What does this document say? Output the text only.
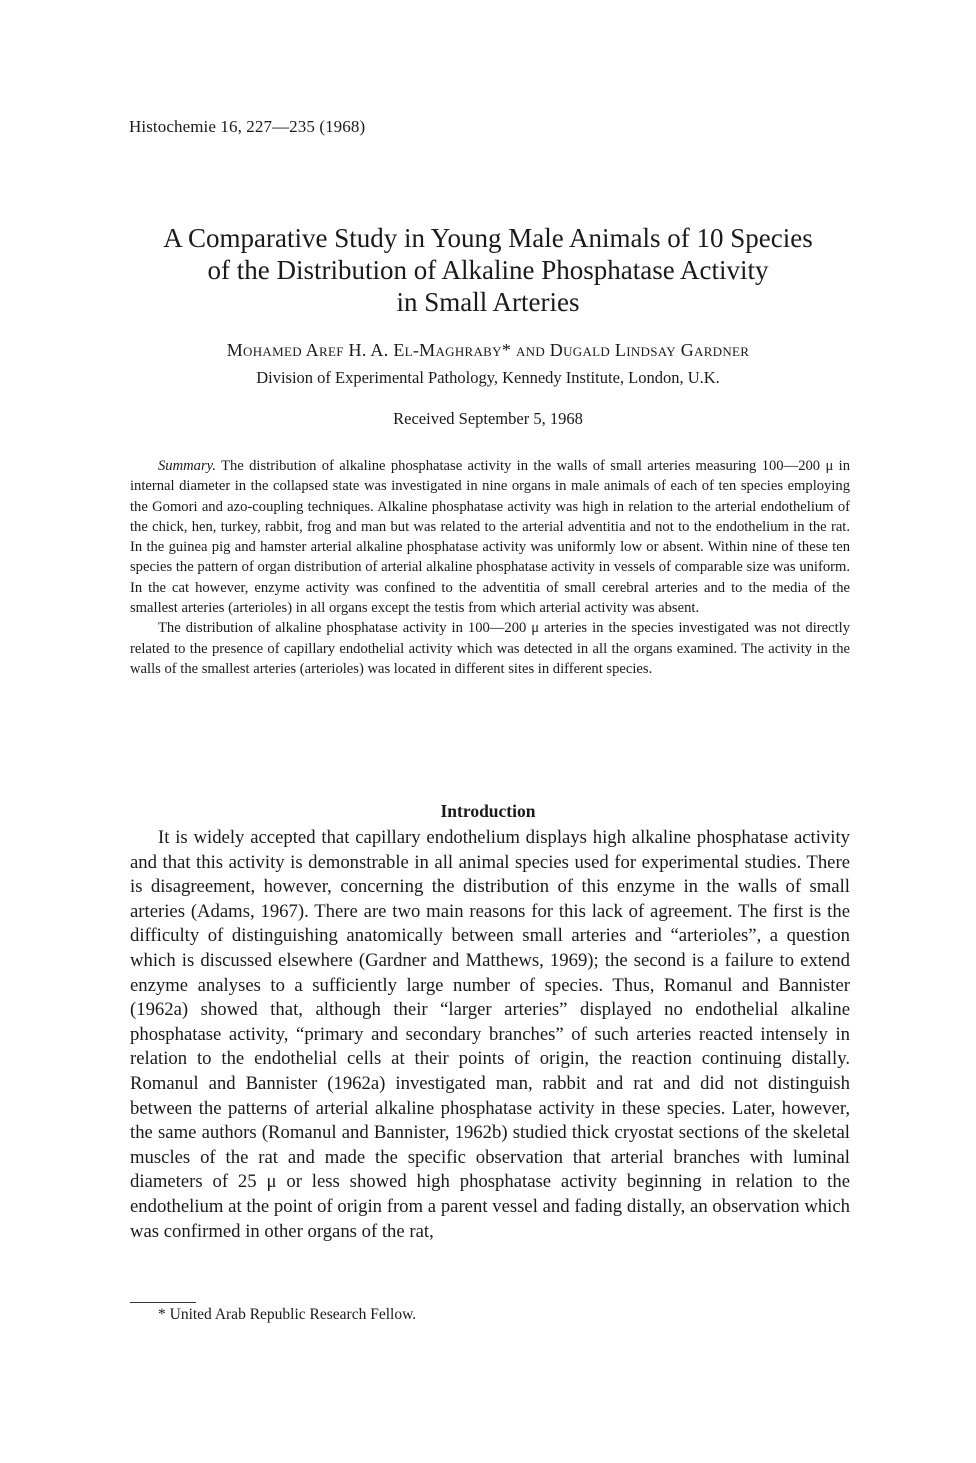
Histochemie 16, 227—235 (1968)
A Comparative Study in Young Male Animals of 10 Species
of the Distribution of Alkaline Phosphatase Activity
in Small Arteries
Mohamed Aref H. A. El-Maghraby* and Dugald Lindsay Gardner
Division of Experimental Pathology, Kennedy Institute, London, U.K.
Received September 5, 1968

Summary. The distribution of alkaline phosphatase activity in the walls of small arteries measuring 100—200 μ in internal diameter in the collapsed state was investigated in nine organs in male animals of each of ten species employing the Gomori and azo-coupling techniques. Alkaline phosphatase activity was high in relation to the arterial endothelium of the chick, hen, turkey, rabbit, frog and man but was related to the arterial adventitia and not to the endothelium in the rat. In the guinea pig and hamster arterial alkaline phosphatase activity was uniformly low or absent. Within nine of these ten species the pattern of organ distribution of arterial alkaline phosphatase activity in vessels of comparable size was uniform. In the cat however, enzyme activity was confined to the adventitia of small cerebral arteries and to the media of the smallest arteries (arterioles) in all organs except the testis from which arterial activity was absent.

The distribution of alkaline phosphatase activity in 100—200 μ arteries in the species investigated was not directly related to the presence of capillary endothelial activity which was detected in all the organs examined. The activity in the walls of the smallest arteries (arterioles) was located in different sites in different species.

Introduction

It is widely accepted that capillary endothelium displays high alkaline phosphatase activity and that this activity is demonstrable in all animal species used for experimental studies. There is disagreement, however, concerning the distribution of this enzyme in the walls of small arteries (Adams, 1967). There are two main reasons for this lack of agreement. The first is the difficulty of distinguishing anatomically between small arteries and “arterioles”, a question which is discussed elsewhere (Gardner and Matthews, 1969); the second is a failure to extend enzyme analyses to a sufficiently large number of species. Thus, Romanul and Bannister (1962a) showed that, although their “larger arteries” displayed no endothelial alkaline phosphatase activity, “primary and secondary branches” of such arteries reacted intensely in relation to the endothelial cells at their points of origin, the reaction continuing distally. Romanul and Bannister (1962a) investigated man, rabbit and rat and did not distinguish between the patterns of arterial alkaline phosphatase activity in these species. Later, however, the same authors (Romanul and Bannister, 1962b) studied thick cryostat sections of the skeletal muscles of the rat and made the specific observation that arterial branches with luminal diameters of 25 μ or less showed high phosphatase activity beginning in relation to the endothelium at the point of origin from a parent vessel and fading distally, an observation which was confirmed in other organs of the rat,

* United Arab Republic Research Fellow.
